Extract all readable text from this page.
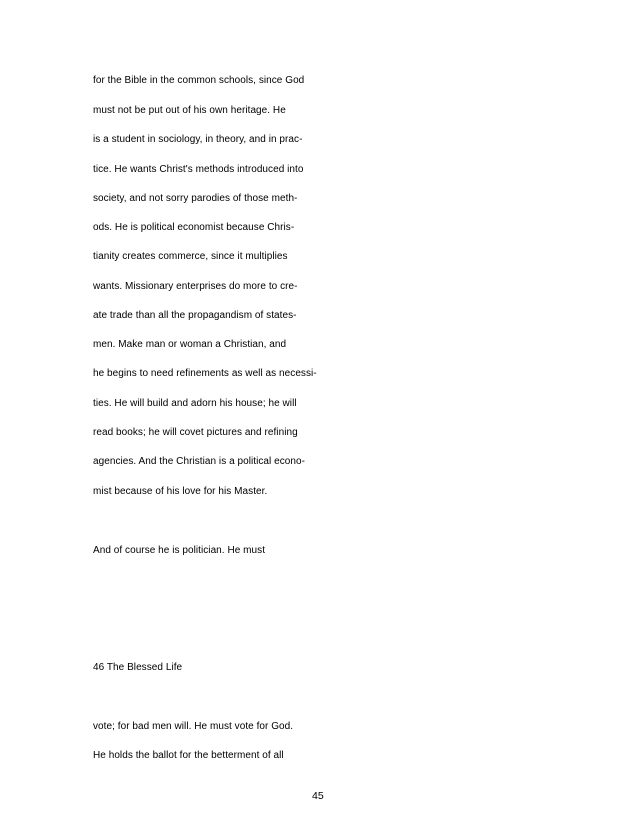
for the Bible in the common schools, since God
must not be put out of his own heritage. He
is a student in sociology, in theory, and in prac-
tice. He wants Christ's methods introduced into
society, and not sorry parodies of those meth-
ods. He is political economist because Chris-
tianity creates commerce, since it multiplies
wants. Missionary enterprises do more to cre-
ate trade than all the propagandism of states-
men. Make man or woman a Christian, and
he begins to need refinements as well as necessi-
ties. He will build and adorn his house; he will
read books; he will covet pictures and refining
agencies. And the Christian is a political econo-
mist because of his love for his Master.
And of course he is politician. He must
46 The Blessed Life
vote; for bad men will. He must vote for God.
He holds the ballot for the betterment of all
45
